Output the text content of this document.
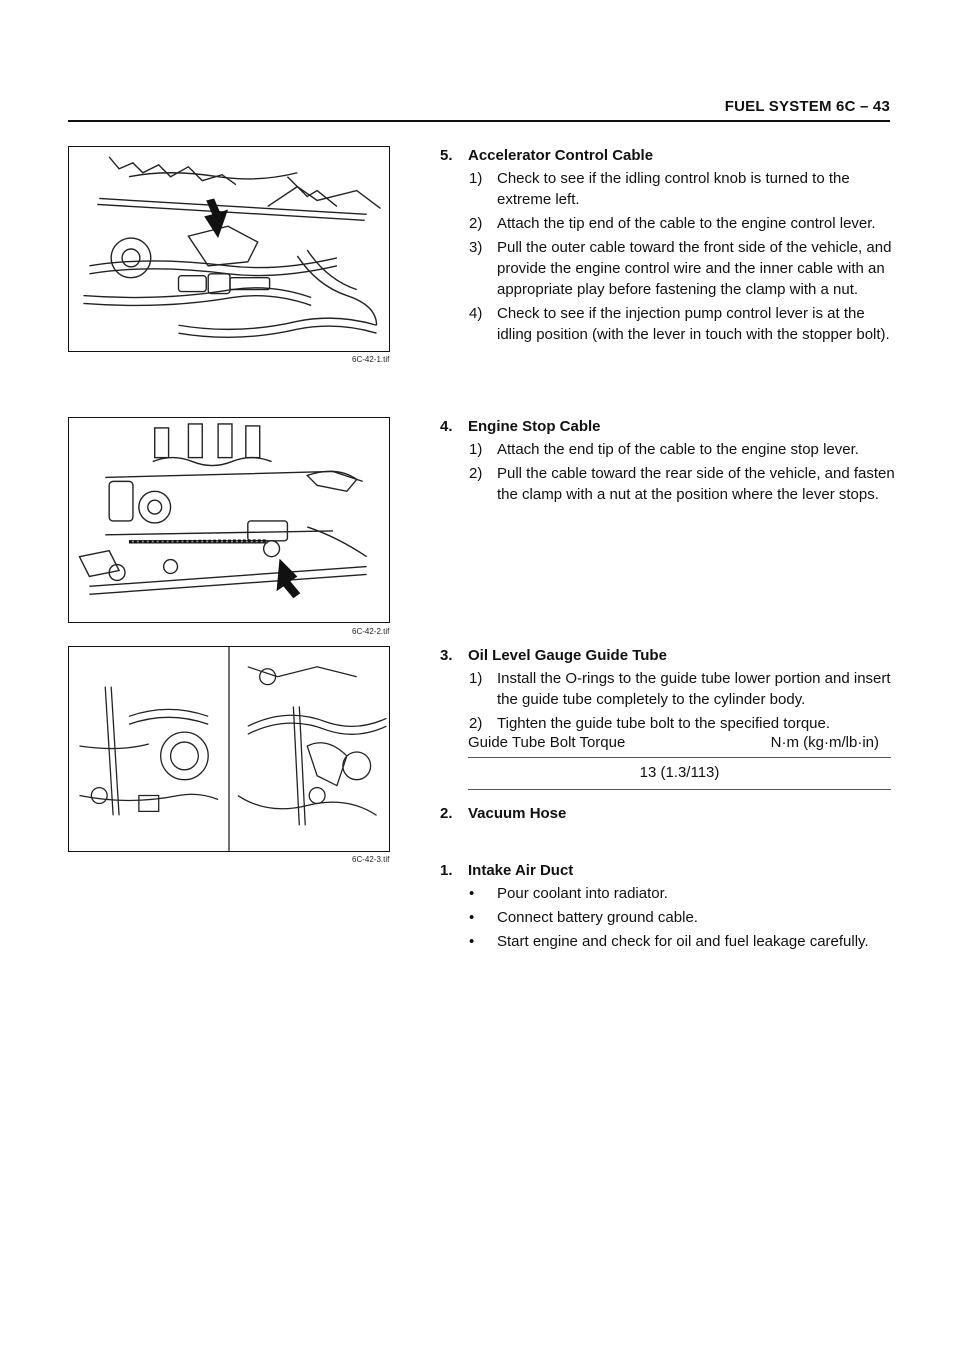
FUEL SYSTEM 6C – 43
6C-42-1.tif
6C-42-2.tif
6C-42-3.tif
5.	Accelerator Control Cable
1) Check to see if the idling control knob is turned to the extreme left.
2) Attach the tip end of the cable to the engine control lever.
3) Pull the outer cable toward the front side of the vehicle, and provide the engine control wire and the inner cable with an appropriate play before fastening the clamp with a nut.
4) Check to see if the injection pump control lever is at the idling position (with the lever in touch with the stopper bolt).
4.	Engine Stop Cable
1) Attach the end tip of the cable to the engine stop lever.
2) Pull the cable toward the rear side of the vehicle, and fasten the clamp with a nut at the position where the lever stops.
3.	Oil Level Gauge Guide Tube
1) Install the O-rings to the guide tube lower portion and insert the guide tube completely to the cylinder body.
2) Tighten the guide tube bolt to the specified torque.
Guide Tube Bolt Torque	N·m (kg·m/lb·in)
13 (1.3/113)
2.	Vacuum Hose
1.	Intake Air Duct
•	Pour coolant into radiator.
•	Connect battery ground cable.
•	Start engine and check for oil and fuel leakage carefully.
